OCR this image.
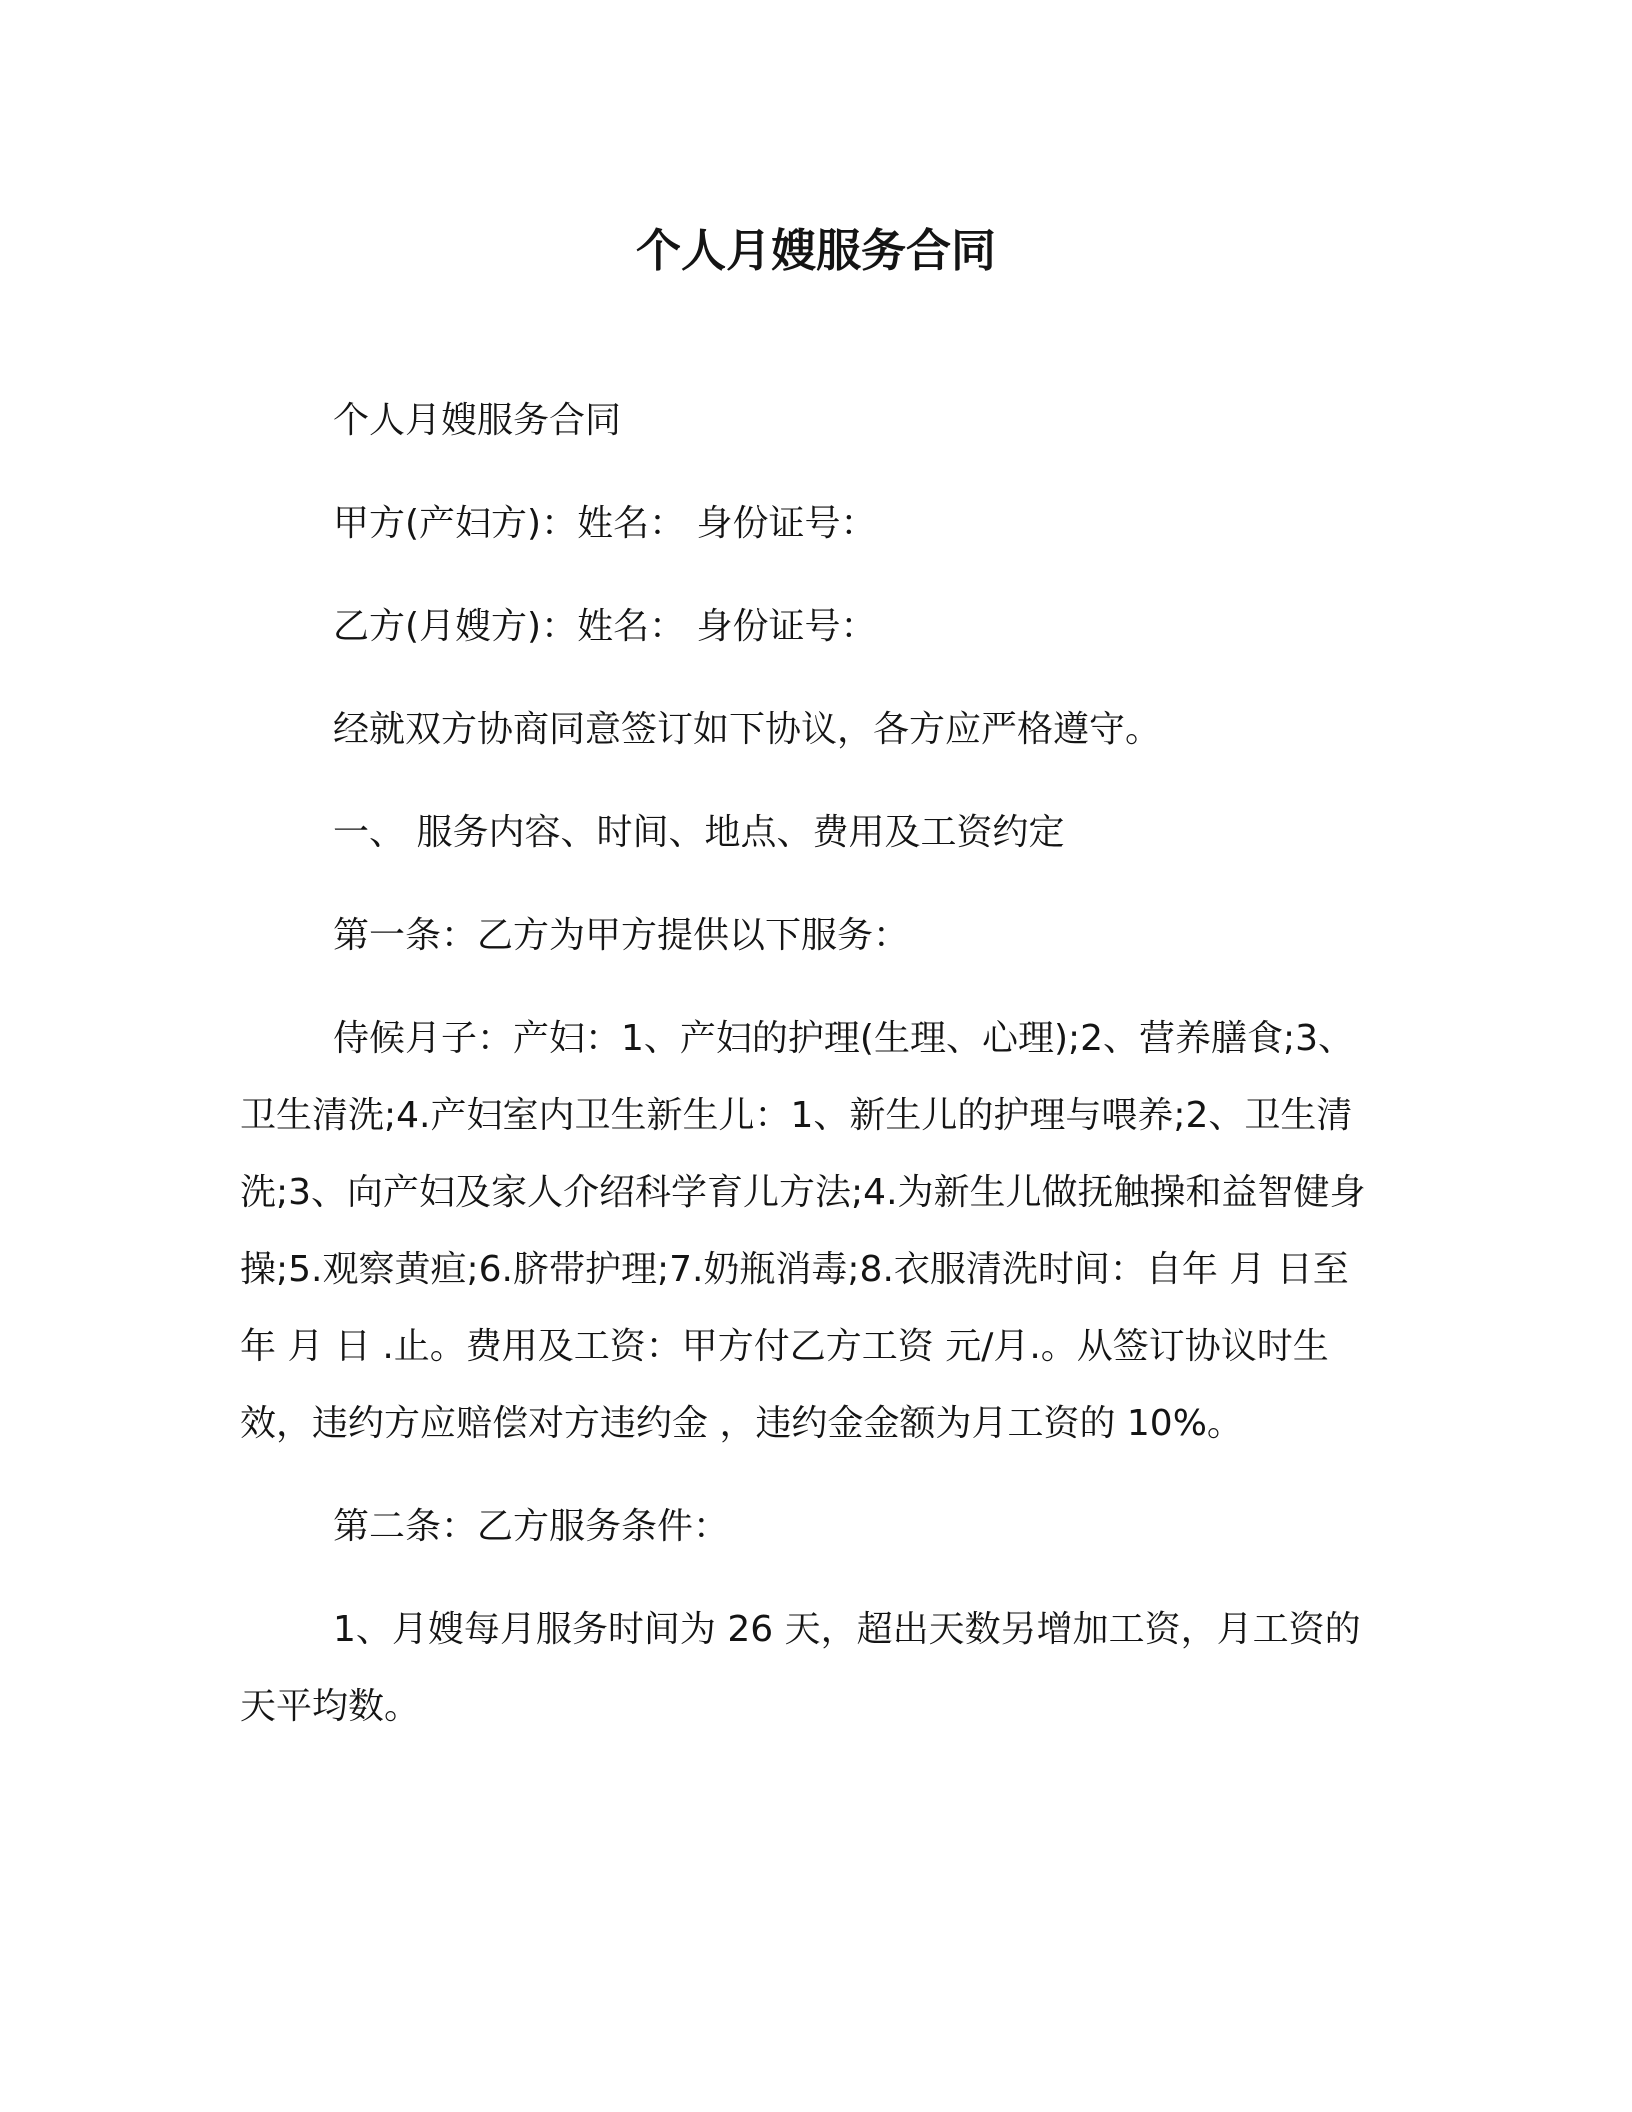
个人月嫂服务合同

个人月嫂服务合同

甲方(产妇方)：姓名： 身份证号：

乙方(月嫂方)：姓名： 身份证号：

经就双方协商同意签订如下协议，各方应严格遵守。

一、 服务内容、时间、地点、费用及工资约定

第一条：乙方为甲方提供以下服务：

侍候月子：产妇：1、产妇的护理(生理、心理);2、营养膳食;3、卫生清洗;4.产妇室内卫生新生儿：1、新生儿的护理与喂养;2、卫生清洗;3、向产妇及家人介绍科学育儿方法;4.为新生儿做抚触操和益智健身操;5.观察黄疸;6.脐带护理;7.奶瓶消毒;8.衣服清洗时间：自年 月 日至 年 月 日 .止。费用及工资：甲方付乙方工资 元/月.。从签订协议时生效，违约方应赔偿对方违约金 ，违约金金额为月工资的 10%。

第二条：乙方服务条件：

1、月嫂每月服务时间为 26 天，超出天数另增加工资，月工资的天平均数。
